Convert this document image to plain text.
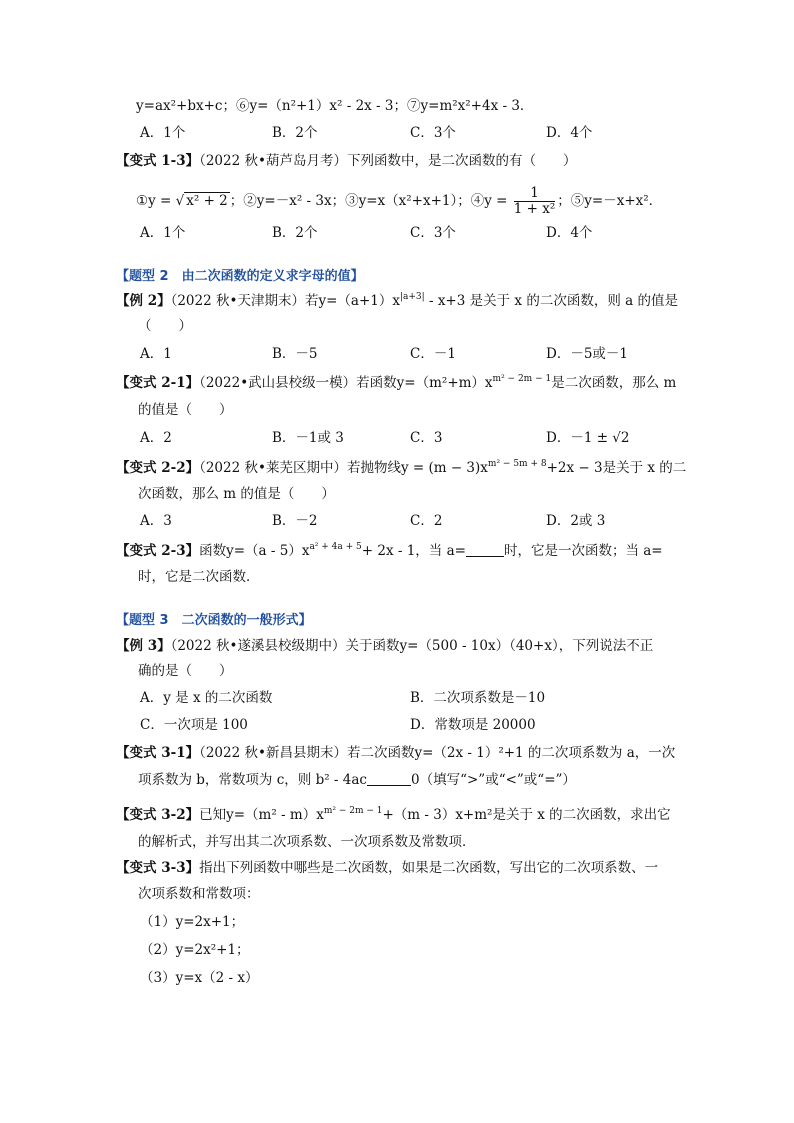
y=ax²+bx+c；⑥y=（n²+1）x² - 2x - 3；⑦y=m²x²+4x - 3．
A．1个	B．2个	C．3个	D．4个
【变式 1-3】（2022 秋•葫芦岛月考）下列函数中，是二次函数的有（　　）
①y = √ x² + 2 ；②y=－x² - 3x；③y=x（x²+x+1）；④y = $\frac{1}{\text{1 + x²}}$ ；⑤y=－x+x²．
A．1个	B．2个	C．3个	D．4个
【题型 2　由二次函数的定义求字母的值】
【例 2】（2022 秋•天津期末）若$y=(a+1)x^{|a+3|} - x+3$ 是关于 x 的二次函数，则 a 的值是
（　　）
A．1	B．－5	C．－1	D．－5或－1
【变式 2-1】（2022•武山县校级一模）若函数$y=(m^2+m)x^{m^2 - 2m - 1}$是二次函数，那么 m
的值是（　　）
A．2	B．－1或 3	C．3	D．－1 ± √2
【变式 2-2】（2022 秋•莱芜区期中）若抛物线$y = (m - 3)x^{m^2 - 5m + 8}+2x - 3$是关于 x 的二
次函数，那么 m 的值是（　　）
A．3	B．－2	C．2	D．2或 3
【变式 2-3】函数$y=(a - 5)x^{a^2 + 4a + 5}+ 2x - 1$，当 a=	时，它是一次函数；当 a=
时，它是二次函数．
【题型 3　二次函数的一般形式】
【例 3】（2022 秋•遂溪县校级期中）关于函数y=（500 - 10x）（40+x），下列说法不正
确的是（　　）
A．y 是 x 的二次函数	B．二次项系数是－10
C．一次项是 100	D．常数项是 20000
【变式 3-1】（2022 秋•新昌县期末）若二次函数y=（2x - 1）²+1 的二次项系数为 a，一次
项系数为 b，常数项为 c，则 b² - 4ac	0（填写“>”或“<”或“=”）
【变式 3-2】已知$y=(m^2 - m)x^{m^2 - 2m - 1}+(m - 3)x+m^2$是关于 x 的二次函数，求出它
的解析式，并写出其二次项系数、一次项系数及常数项．
【变式 3-3】指出下列函数中哪些是二次函数，如果是二次函数，写出它的二次项系数、一
次项系数和常数项：
（1）y=2x+1；
（2）y=2x²+1；
（3）y=x（2 - x）
